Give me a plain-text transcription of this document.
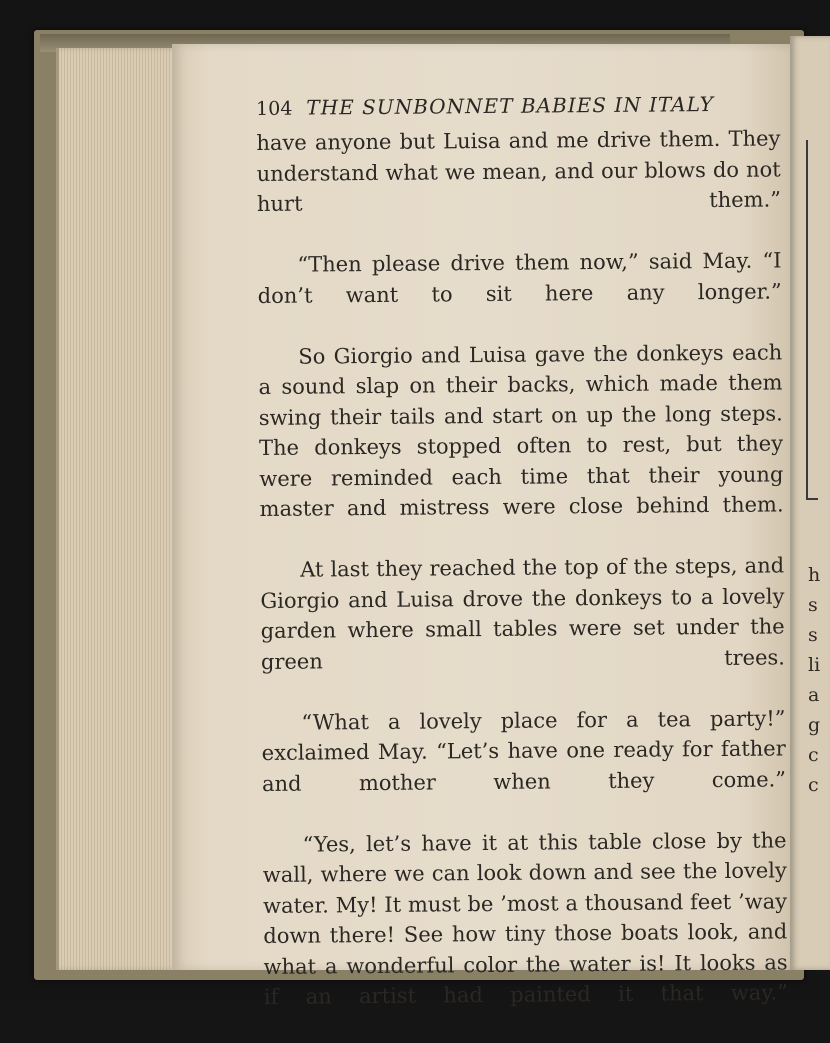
h
s
s
li
a
g
c
c
104 THE SUNBONNET BABIES IN ITALY

have anyone but Luisa and me drive them. They understand what we mean, and our blows do not hurt them.”

“Then please drive them now,” said May. “I don’t want to sit here any longer.”

So Giorgio and Luisa gave the donkeys each a sound slap on their backs, which made them swing their tails and start on up the long steps. The donkeys stopped often to rest, but they were reminded each time that their young master and mistress were close behind them.

At last they reached the top of the steps, and Giorgio and Luisa drove the donkeys to a lovely garden where small tables were set under the green trees.

“What a lovely place for a tea party!” exclaimed May. “Let’s have one ready for father and mother when they come.”

“Yes, let’s have it at this table close by the wall, where we can look down and see the lovely water. My! It must be ’most a thousand feet ’way down there! See how tiny those boats look, and what a wonderful color the water is! It looks as if an artist had painted it that way.”
